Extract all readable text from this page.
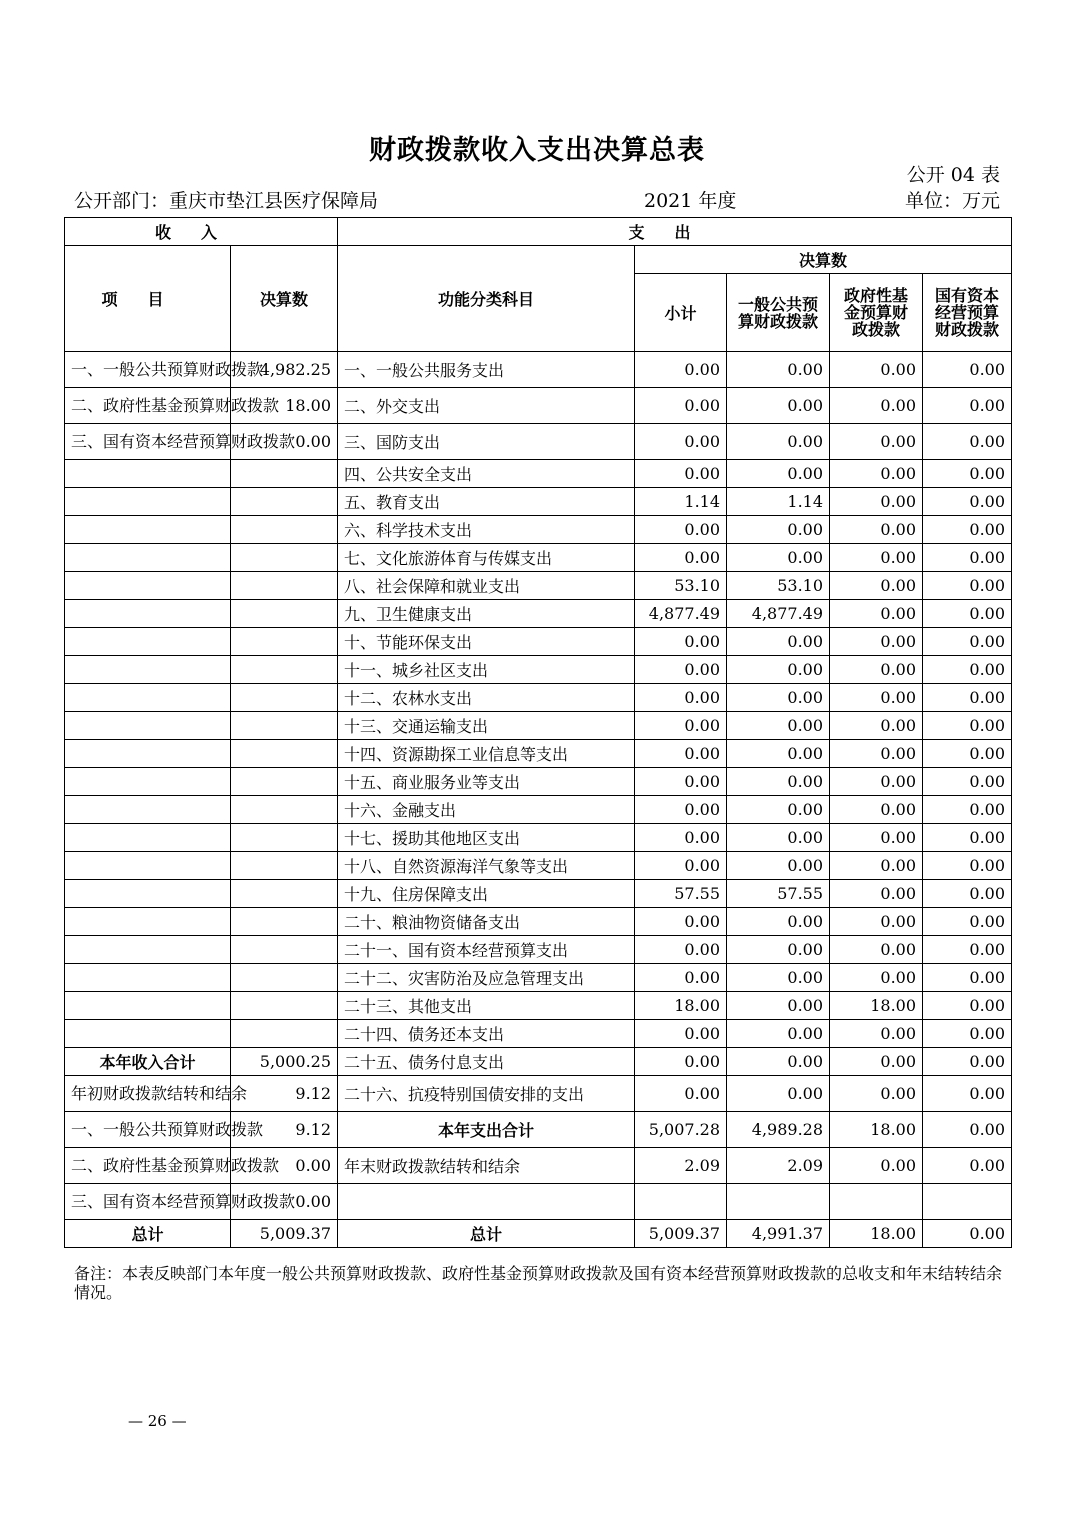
财政拨款收入支出决算总表
公开 04 表
公开部门：重庆市垫江县医疗保障局	2021 年度	单位：万元
收入		支出				
项目	决算数	功能分类科目	决算数			
			小计	一般公共预算财政拨款	政府性基金预算财政拨款	国有资本经营预算财政拨款
一、一般公共预算财政拨款	4,982.25	一、一般公共服务支出	0.00	0.00	0.00	0.00
二、政府性基金预算财政拨款	18.00	二、外交支出	0.00	0.00	0.00	0.00
三、国有资本经营预算财政拨款	0.00	三、国防支出	0.00	0.00	0.00	0.00
		四、公共安全支出	0.00	0.00	0.00	0.00
		五、教育支出	1.14	1.14	0.00	0.00
		六、科学技术支出	0.00	0.00	0.00	0.00
		七、文化旅游体育与传媒支出	0.00	0.00	0.00	0.00
		八、社会保障和就业支出	53.10	53.10	0.00	0.00
		九、卫生健康支出	4,877.49	4,877.49	0.00	0.00
		十、节能环保支出	0.00	0.00	0.00	0.00
		十一、城乡社区支出	0.00	0.00	0.00	0.00
		十二、农林水支出	0.00	0.00	0.00	0.00
		十三、交通运输支出	0.00	0.00	0.00	0.00
		十四、资源勘探工业信息等支出	0.00	0.00	0.00	0.00
		十五、商业服务业等支出	0.00	0.00	0.00	0.00
		十六、金融支出	0.00	0.00	0.00	0.00
		十七、援助其他地区支出	0.00	0.00	0.00	0.00
		十八、自然资源海洋气象等支出	0.00	0.00	0.00	0.00
		十九、住房保障支出	57.55	57.55	0.00	0.00
		二十、粮油物资储备支出	0.00	0.00	0.00	0.00
		二十一、国有资本经营预算支出	0.00	0.00	0.00	0.00
		二十二、灾害防治及应急管理支出	0.00	0.00	0.00	0.00
		二十三、其他支出	18.00	0.00	18.00	0.00
		二十四、债务还本支出	0.00	0.00	0.00	0.00
本年收入合计	5,000.25	二十五、债务付息支出	0.00	0.00	0.00	0.00
年初财政拨款结转和结余	9.12	二十六、抗疫特别国债安排的支出	0.00	0.00	0.00	0.00
一、一般公共预算财政拨款	9.12	本年支出合计	5,007.28	4,989.28	18.00	0.00
二、政府性基金预算财政拨款	0.00	年末财政拨款结转和结余	2.09	2.09	0.00	0.00
三、国有资本经营预算财政拨款	0.00					
总计	5,009.37	总计	5,009.37	4,991.37	18.00	0.00
备注：本表反映部门本年度一般公共预算财政拨款、政府性基金预算财政拨款及国有资本经营预算财政拨款的总收支和年末结转结余情况。
— 26 —
